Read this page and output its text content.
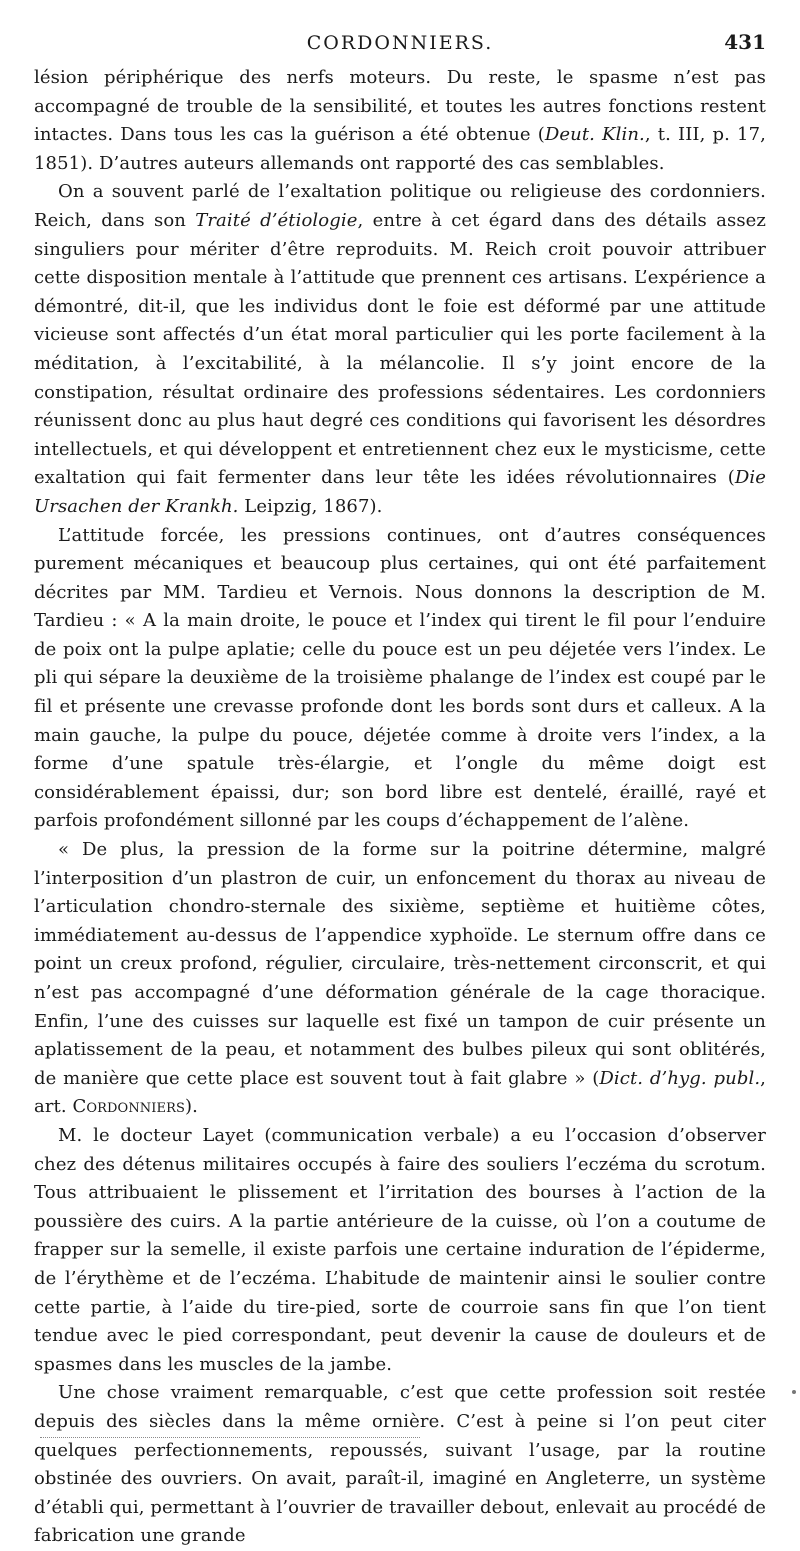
CORDONNIERS.	431

lésion périphérique des nerfs moteurs. Du reste, le spasme n’est pas accompagné de trouble de la sensibilité, et toutes les autres fonctions restent intactes. Dans tous les cas la guérison a été obtenue (Deut. Klin., t. III, p. 17, 1851). D’autres auteurs allemands ont rapporté des cas semblables.

On a souvent parlé de l’exaltation politique ou religieuse des cordonniers. Reich, dans son Traité d’étiologie, entre à cet égard dans des détails assez singuliers pour mériter d’être reproduits. M. Reich croit pouvoir attribuer cette disposition mentale à l’attitude que prennent ces artisans. L’expérience a démontré, dit-il, que les individus dont le foie est déformé par une attitude vicieuse sont affectés d’un état moral particulier qui les porte facilement à la méditation, à l’excitabilité, à la mélancolie. Il s’y joint encore de la constipation, résultat ordinaire des professions sédentaires. Les cordonniers réunissent donc au plus haut degré ces conditions qui favorisent les désordres intellectuels, et qui développent et entretiennent chez eux le mysticisme, cette exaltation qui fait fermenter dans leur tête les idées révolutionnaires (Die Ursachen der Krankh. Leipzig, 1867).

L’attitude forcée, les pressions continues, ont d’autres conséquences purement mécaniques et beaucoup plus certaines, qui ont été parfaitement décrites par MM. Tardieu et Vernois. Nous donnons la description de M. Tardieu : « A la main droite, le pouce et l’index qui tirent le fil pour l’enduire de poix ont la pulpe aplatie; celle du pouce est un peu déjetée vers l’index. Le pli qui sépare la deuxième de la troisième phalange de l’index est coupé par le fil et présente une crevasse profonde dont les bords sont durs et calleux. A la main gauche, la pulpe du pouce, déjetée comme à droite vers l’index, a la forme d’une spatule très-élargie, et l’ongle du même doigt est considérablement épaissi, dur; son bord libre est dentelé, éraillé, rayé et parfois profondément sillonné par les coups d’échappement de l’alène.

« De plus, la pression de la forme sur la poitrine détermine, malgré l’interposition d’un plastron de cuir, un enfoncement du thorax au niveau de l’articulation chondro-sternale des sixième, septième et huitième côtes, immédiatement au-dessus de l’appendice xyphoïde. Le sternum offre dans ce point un creux profond, régulier, circulaire, très-nettement circonscrit, et qui n’est pas accompagné d’une déformation générale de la cage thoracique. Enfin, l’une des cuisses sur laquelle est fixé un tampon de cuir présente un aplatissement de la peau, et notamment des bulbes pileux qui sont oblitérés, de manière que cette place est souvent tout à fait glabre » (Dict. d’hyg. publ., art. Cordonniers).

M. le docteur Layet (communication verbale) a eu l’occasion d’observer chez des détenus militaires occupés à faire des souliers l’eczéma du scrotum. Tous attribuaient le plissement et l’irritation des bourses à l’action de la poussière des cuirs. A la partie antérieure de la cuisse, où l’on a coutume de frapper sur la semelle, il existe parfois une certaine induration de l’épiderme, de l’érythème et de l’eczéma. L’habitude de maintenir ainsi le soulier contre cette partie, à l’aide du tire-pied, sorte de courroie sans fin que l’on tient tendue avec le pied correspondant, peut devenir la cause de douleurs et de spasmes dans les muscles de la jambe.

Une chose vraiment remarquable, c’est que cette profession soit restée depuis des siècles dans la même ornière. C’est à peine si l’on peut citer quelques perfectionnements, repoussés, suivant l’usage, par la routine obstinée des ouvriers. On avait, paraît-il, imaginé en Angleterre, un système d’établi qui, permettant à l’ouvrier de travailler debout, enlevait au procédé de fabrication une grande
